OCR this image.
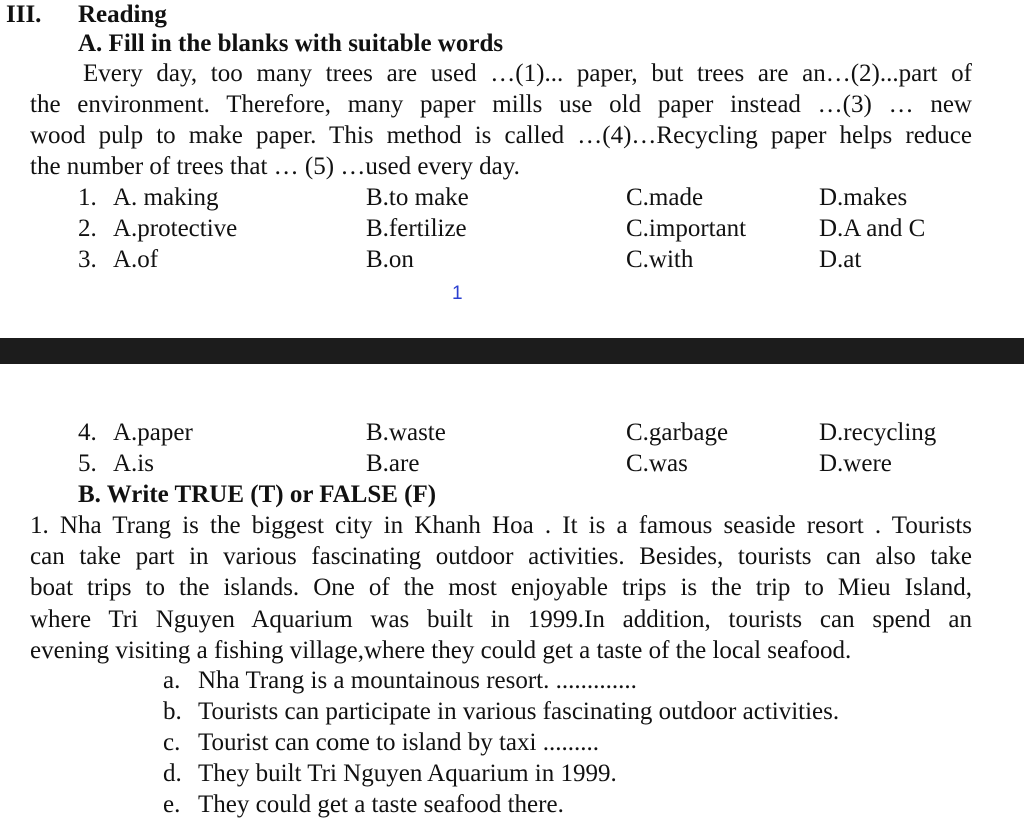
III. Reading
A. Fill in the blanks with suitable words
Every day, too many trees are used …(1)... paper, but trees are an…(2)...part of
the environment. Therefore, many paper mills use old paper instead …(3) … new
wood pulp to make paper. This method is called …(4)…Recycling paper helps reduce
the number of trees that … (5) …used every day.
1. A. making	B.to make	C.made	D.makes
2. A.protective	B.fertilize	C.important	D.A and C
3. A.of	B.on	C.with	D.at
1
4. A.paper	B.waste	C.garbage	D.recycling
5. A.is	B.are	C.was	D.were
B. Write TRUE (T) or FALSE (F)
1. Nha Trang is the biggest city in Khanh Hoa . It is a famous seaside resort . Tourists
can take part in various fascinating outdoor activities. Besides, tourists can also take
boat trips to the islands. One of the most enjoyable trips is the trip to Mieu Island,
where Tri Nguyen Aquarium was built in 1999.In addition, tourists can spend an
evening visiting a fishing village,where they could get a taste of the local seafood.
a. Nha Trang is a mountainous resort. .............
b. Tourists can participate in various fascinating outdoor activities.
c. Tourist can come to island by taxi .........
d. They built Tri Nguyen Aquarium in 1999.
e. They could get a taste seafood there.
